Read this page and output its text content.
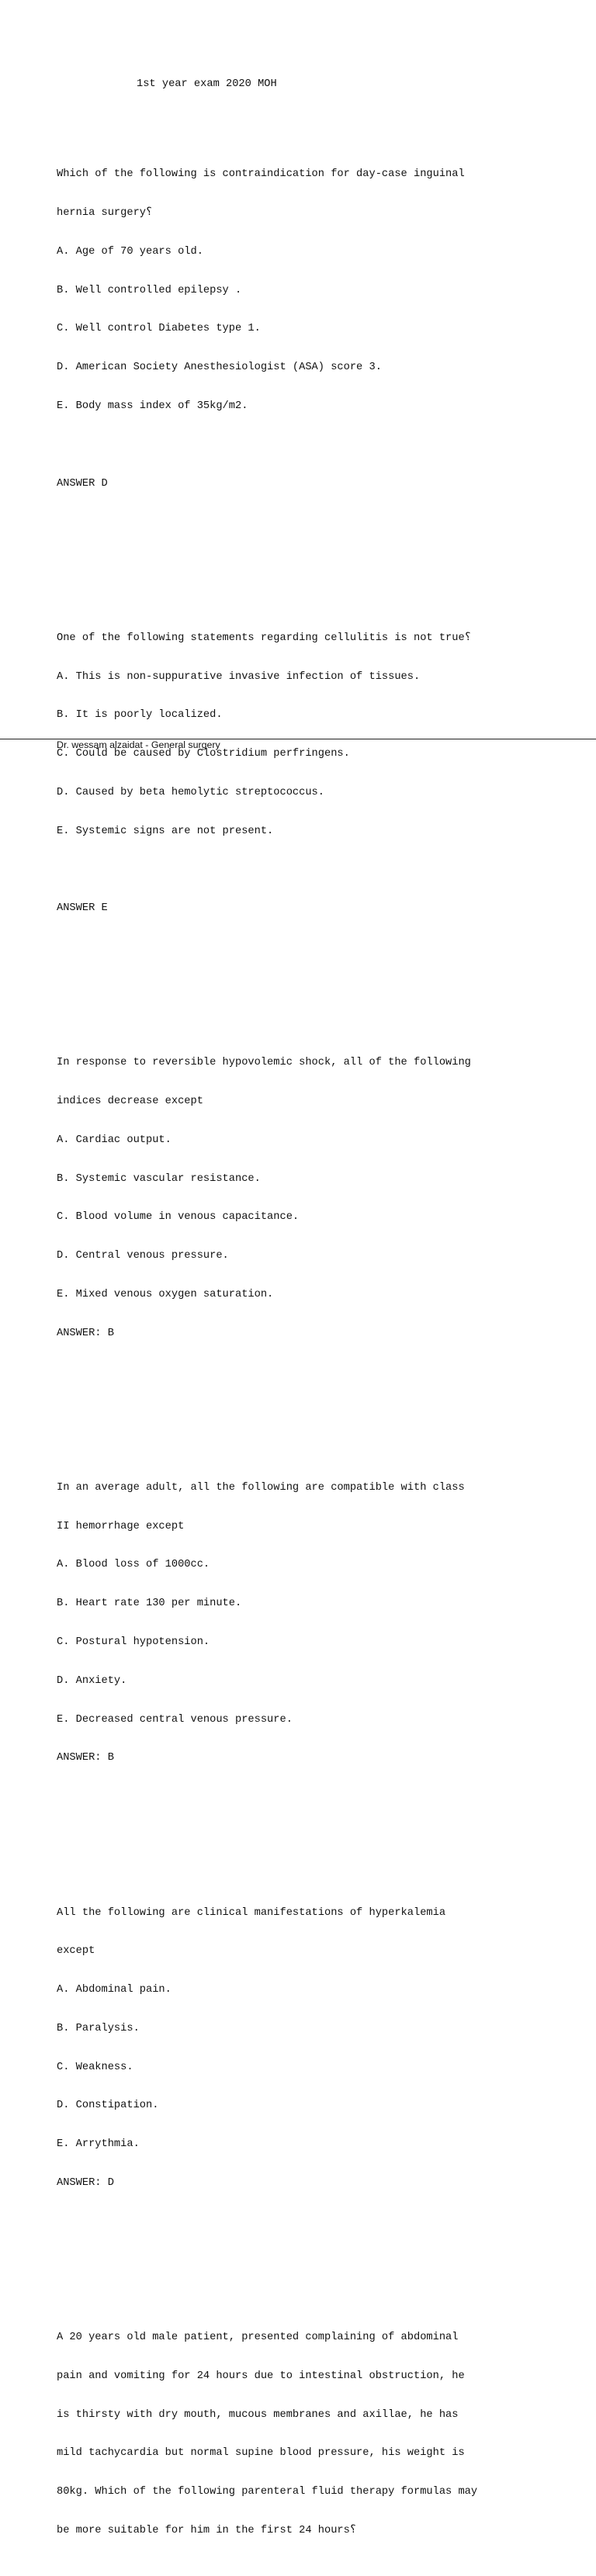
1st year exam 2020 MOH

Which of the following is contraindication for day-case inguinal

hernia surgery؟

A. Age of 70 years old.

B. Well controlled epilepsy .

C. Well control Diabetes type 1.

D. American Society Anesthesiologist (ASA) score 3.

E. Body mass index of 35kg/m2.

ANSWER D

One of the following statements regarding cellulitis is not true؟

A. This is non-suppurative invasive infection of tissues.

B. It is poorly localized.

C. Could be caused by Clostridium perfringens.

D. Caused by beta hemolytic streptococcus.

E. Systemic signs are not present.

ANSWER E

In response to reversible hypovolemic shock, all of the following

indices decrease except

A. Cardiac output.

B. Systemic vascular resistance.

C. Blood volume in venous capacitance.

D. Central venous pressure.

E. Mixed venous oxygen saturation.

ANSWER: B

In an average adult, all the following are compatible with class

II hemorrhage except

A. Blood loss of 1000cc.

B. Heart rate 130 per minute.

C. Postural hypotension.

D. Anxiety.

E. Decreased central venous pressure.

ANSWER: B

All the following are clinical manifestations of hyperkalemia

except

A. Abdominal pain.

B. Paralysis.

C. Weakness.

D. Constipation.

E. Arrythmia.

ANSWER: D

A 20 years old male patient, presented complaining of abdominal

pain and vomiting for 24 hours due to intestinal obstruction, he

is thirsty with dry mouth, mucous membranes and axillae, he has

mild tachycardia but normal supine blood pressure, his weight is

80kg. Which of the following parenteral fluid therapy formulas may

be more suitable for him in the first 24 hours؟

Dr. wessam alzaidat - General surgery
